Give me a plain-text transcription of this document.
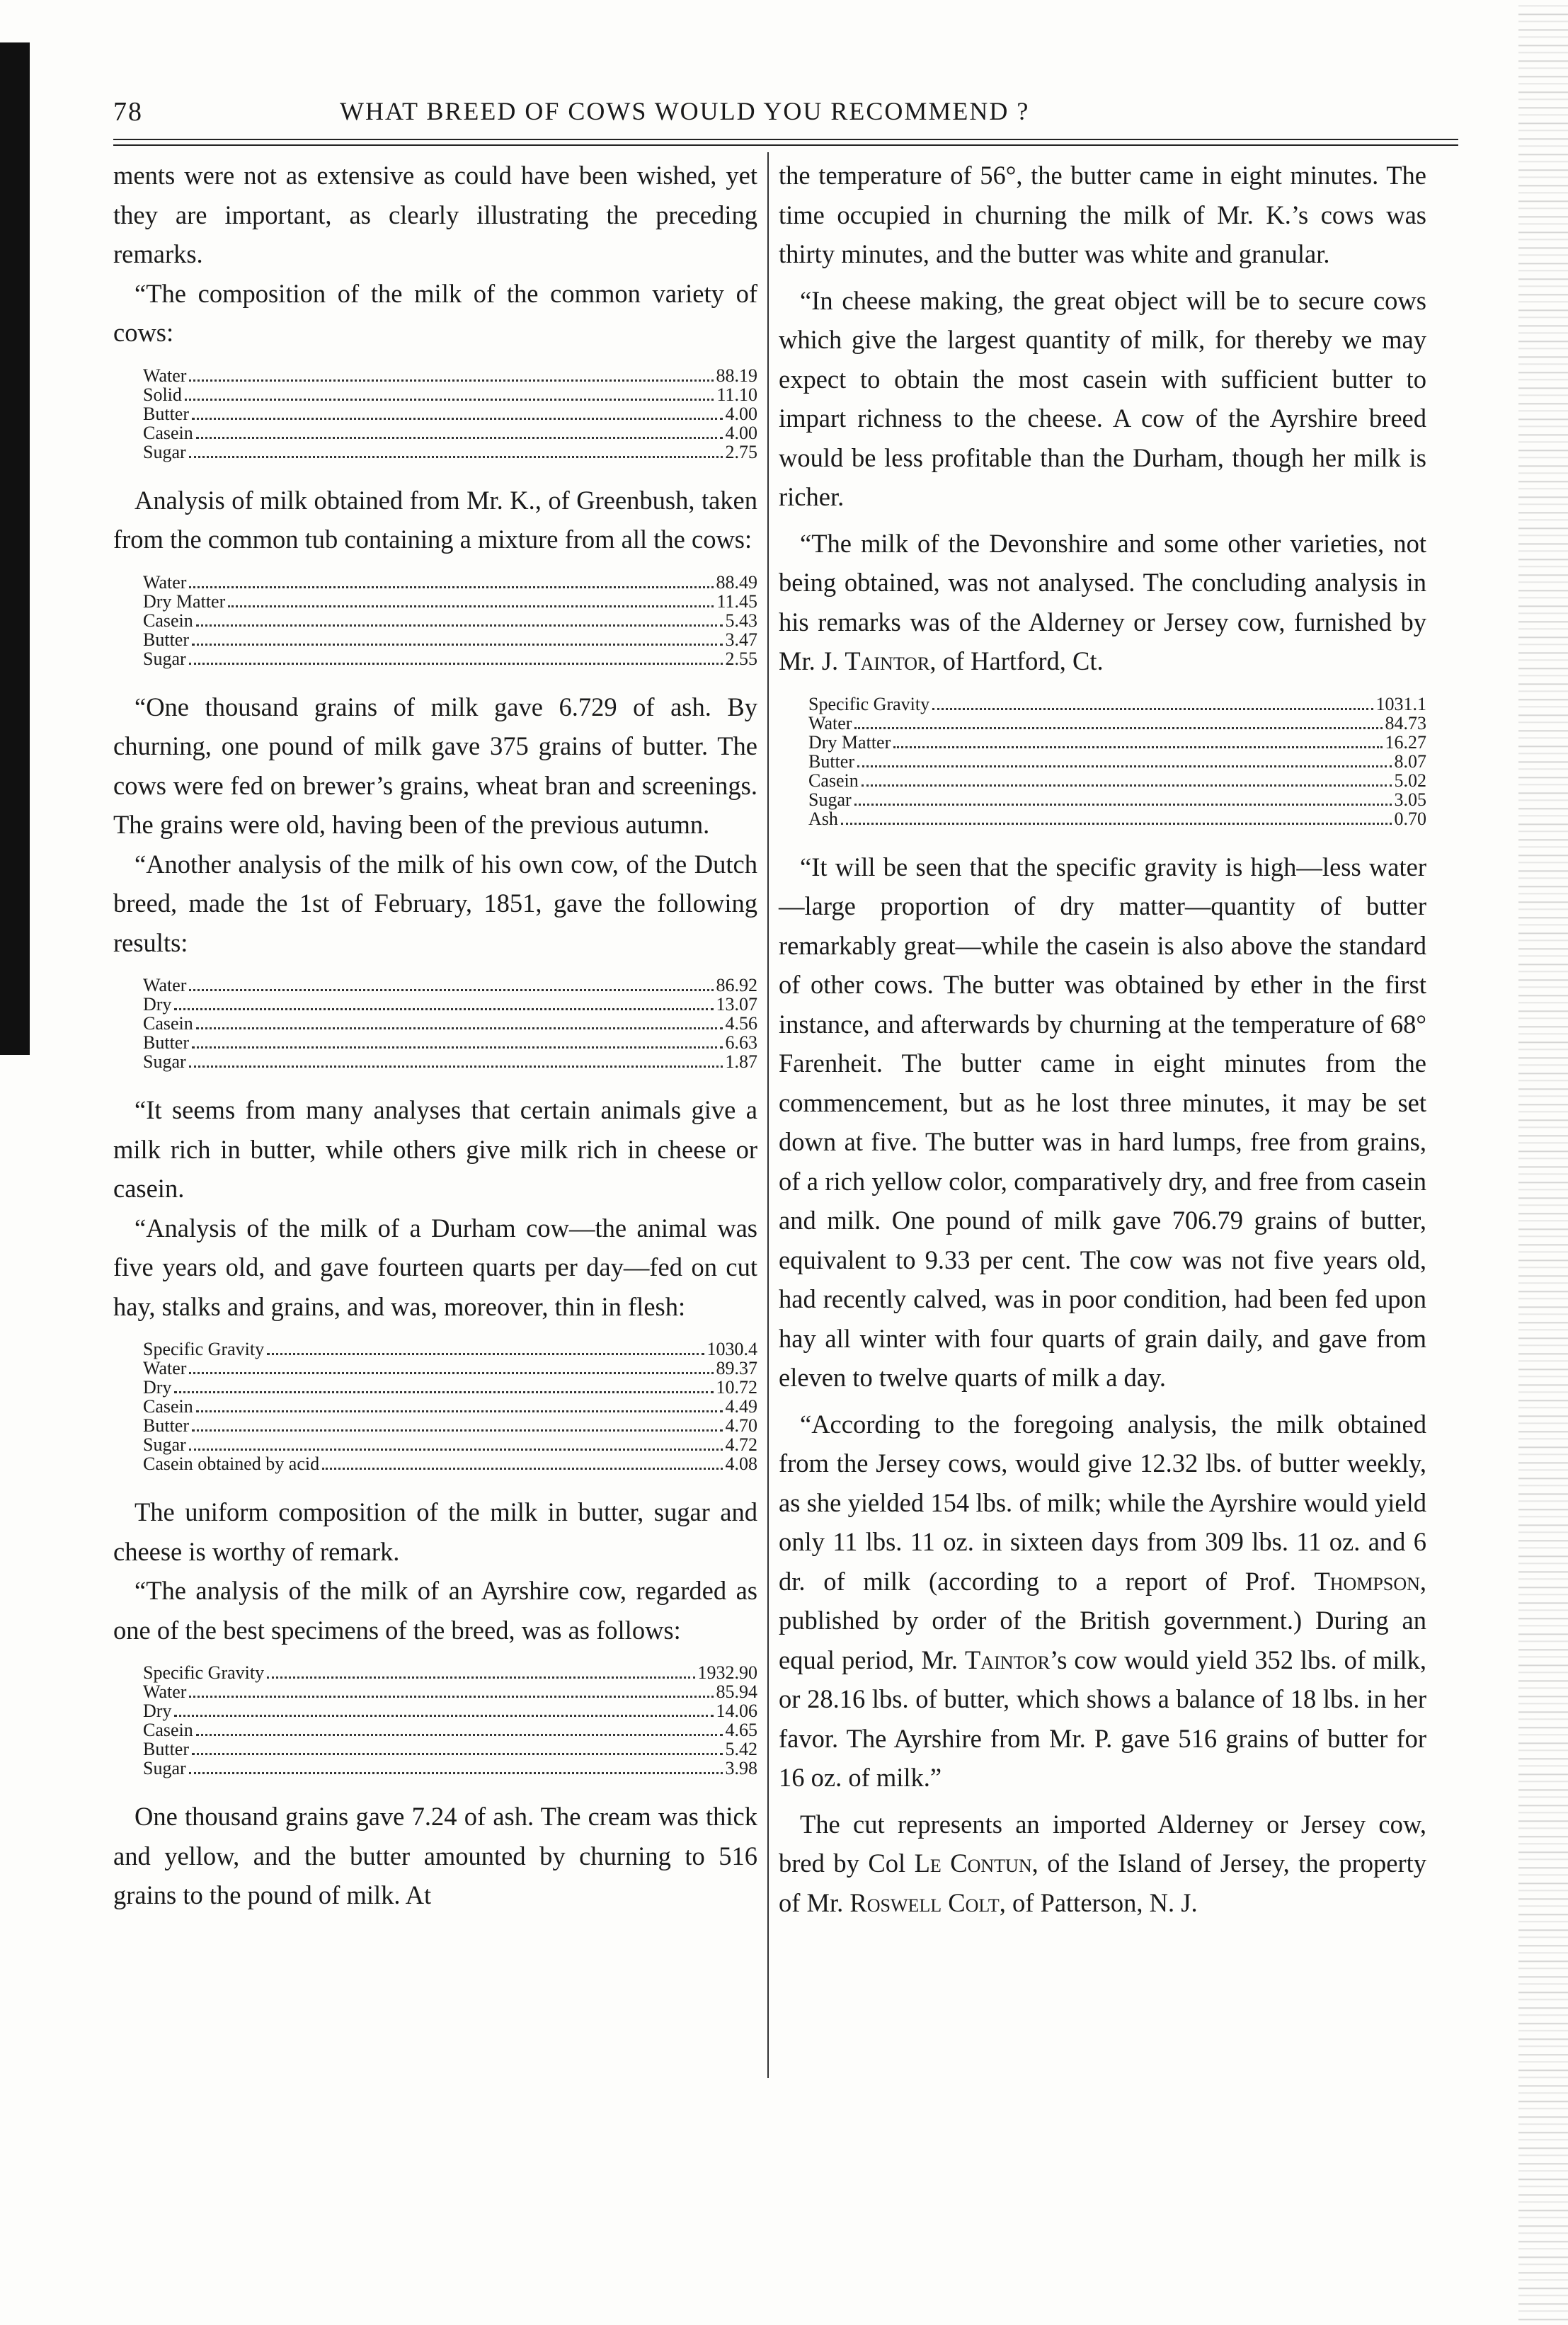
78	WHAT BREED OF COWS WOULD YOU RECOMMEND ?

ments were not as extensive as could have been wished, yet they are important, as clearly illustrating the preceding remarks.

“The composition of the milk of the common variety of cows:

Water	88.19
Solid	11.10
Butter	4.00
Casein	4.00
Sugar	2.75

Analysis of milk obtained from Mr. K., of Greenbush, taken from the common tub containing a mixture from all the cows:

Water	88.49
Dry Matter	11.45
Casein	5.43
Butter	3.47
Sugar	2.55

“One thousand grains of milk gave 6.729 of ash. By churning, one pound of milk gave 375 grains of butter. The cows were fed on brewer’s grains, wheat bran and screenings. The grains were old, having been of the previous autumn.

“Another analysis of the milk of his own cow, of the Dutch breed, made the 1st of February, 1851, gave the following results:

Water	86.92
Dry	13.07
Casein	4.56
Butter	6.63
Sugar	1.87

“It seems from many analyses that certain animals give a milk rich in butter, while others give milk rich in cheese or casein.

“Analysis of the milk of a Durham cow—the animal was five years old, and gave fourteen quarts per day—fed on cut hay, stalks and grains, and was, moreover, thin in flesh:

Specific Gravity	1030.4
Water	89.37
Dry	10.72
Casein	4.49
Butter	4.70
Sugar	4.72
Casein obtained by acid	4.08

The uniform composition of the milk in butter, sugar and cheese is worthy of remark.

“The analysis of the milk of an Ayrshire cow, regarded as one of the best specimens of the breed, was as follows:

Specific Gravity	1932.90
Water	85.94
Dry	14.06
Casein	4.65
Butter	5.42
Sugar	3.98

One thousand grains gave 7.24 of ash. The cream was thick and yellow, and the butter amounted by churning to 516 grains to the pound of milk. At

the temperature of 56°, the butter came in eight minutes. The time occupied in churning the milk of Mr. K.’s cows was thirty minutes, and the butter was white and granular.

“In cheese making, the great object will be to secure cows which give the largest quantity of milk, for thereby we may expect to obtain the most casein with sufficient butter to impart richness to the cheese. A cow of the Ayrshire breed would be less profitable than the Durham, though her milk is richer.

“The milk of the Devonshire and some other varieties, not being obtained, was not analysed. The concluding analysis in his remarks was of the Alderney or Jersey cow, furnished by Mr. J. Taintor, of Hartford, Ct.

Specific Gravity	1031.1
Water	84.73
Dry Matter	16.27
Butter	8.07
Casein	5.02
Sugar	3.05
Ash	0.70

“It will be seen that the specific gravity is high—less water—large proportion of dry matter—quantity of butter remarkably great—while the casein is also above the standard of other cows. The butter was obtained by ether in the first instance, and afterwards by churning at the temperature of 68° Farenheit. The butter came in eight minutes from the commencement, but as he lost three minutes, it may be set down at five. The butter was in hard lumps, free from grains, of a rich yellow color, comparatively dry, and free from casein and milk. One pound of milk gave 706.79 grains of butter, equivalent to 9.33 per cent. The cow was not five years old, had recently calved, was in poor condition, had been fed upon hay all winter with four quarts of grain daily, and gave from eleven to twelve quarts of milk a day.

“According to the foregoing analysis, the milk obtained from the Jersey cows, would give 12.32 lbs. of butter weekly, as she yielded 154 lbs. of milk; while the Ayrshire would yield only 11 lbs. 11 oz. in sixteen days from 309 lbs. 11 oz. and 6 dr. of milk (according to a report of Prof. Thompson, published by order of the British government.) During an equal period, Mr. Taintor’s cow would yield 352 lbs. of milk, or 28.16 lbs. of butter, which shows a balance of 18 lbs. in her favor. The Ayrshire from Mr. P. gave 516 grains of butter for 16 oz. of milk.”

The cut represents an imported Alderney or Jersey cow, bred by Col Le Contun, of the Island of Jersey, the property of Mr. Roswell Colt, of Patterson, N. J.
